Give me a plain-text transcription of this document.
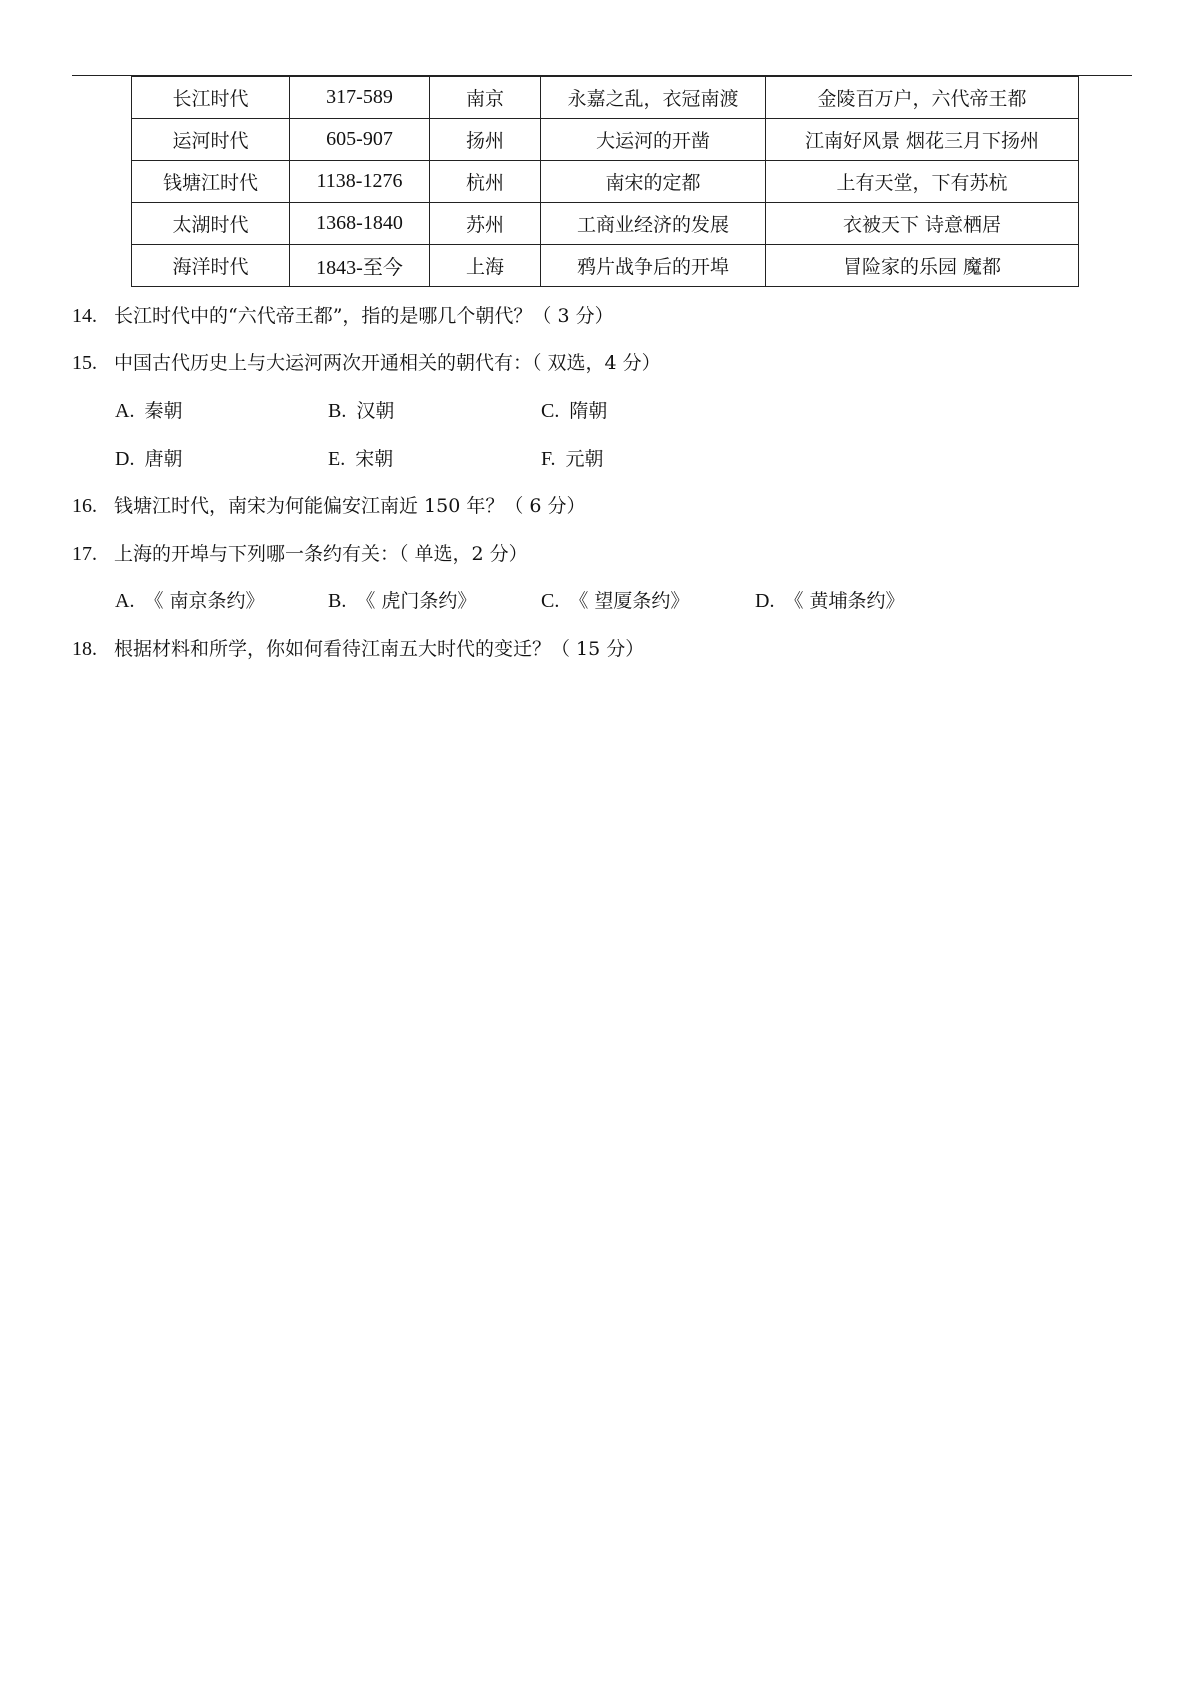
长江时代	317-589	南京	永嘉之乱，衣冠南渡	金陵百万户，六代帝王都
运河时代	605-907	扬州	大运河的开凿	江南好风景 烟花三月下扬州
钱塘江时代	1138-1276	杭州	南宋的定都	上有天堂，下有苏杭
太湖时代	1368-1840	苏州	工商业经济的发展	衣被天下 诗意栖居
海洋时代	1843-至今	上海	鸦片战争后的开埠	冒险家的乐园 魔都
14. 长江时代中的“六代帝王都”，指的是哪几个朝代？（ 3 分）
15. 中国古代历史上与大运河两次开通相关的朝代有：（ 双选，4 分）
A. 秦朝	B. 汉朝	C. 隋朝
D. 唐朝	E. 宋朝	F. 元朝
16. 钱塘江时代，南宋为何能偏安江南近 150 年？（ 6 分）
17. 上海的开埠与下列哪一条约有关：（ 单选，2 分）
A. 《 南京条约》	B. 《 虎门条约》	C. 《 望厦条约》	D. 《 黄埔条约》
18. 根据材料和所学，你如何看待江南五大时代的变迁？（ 15 分）
